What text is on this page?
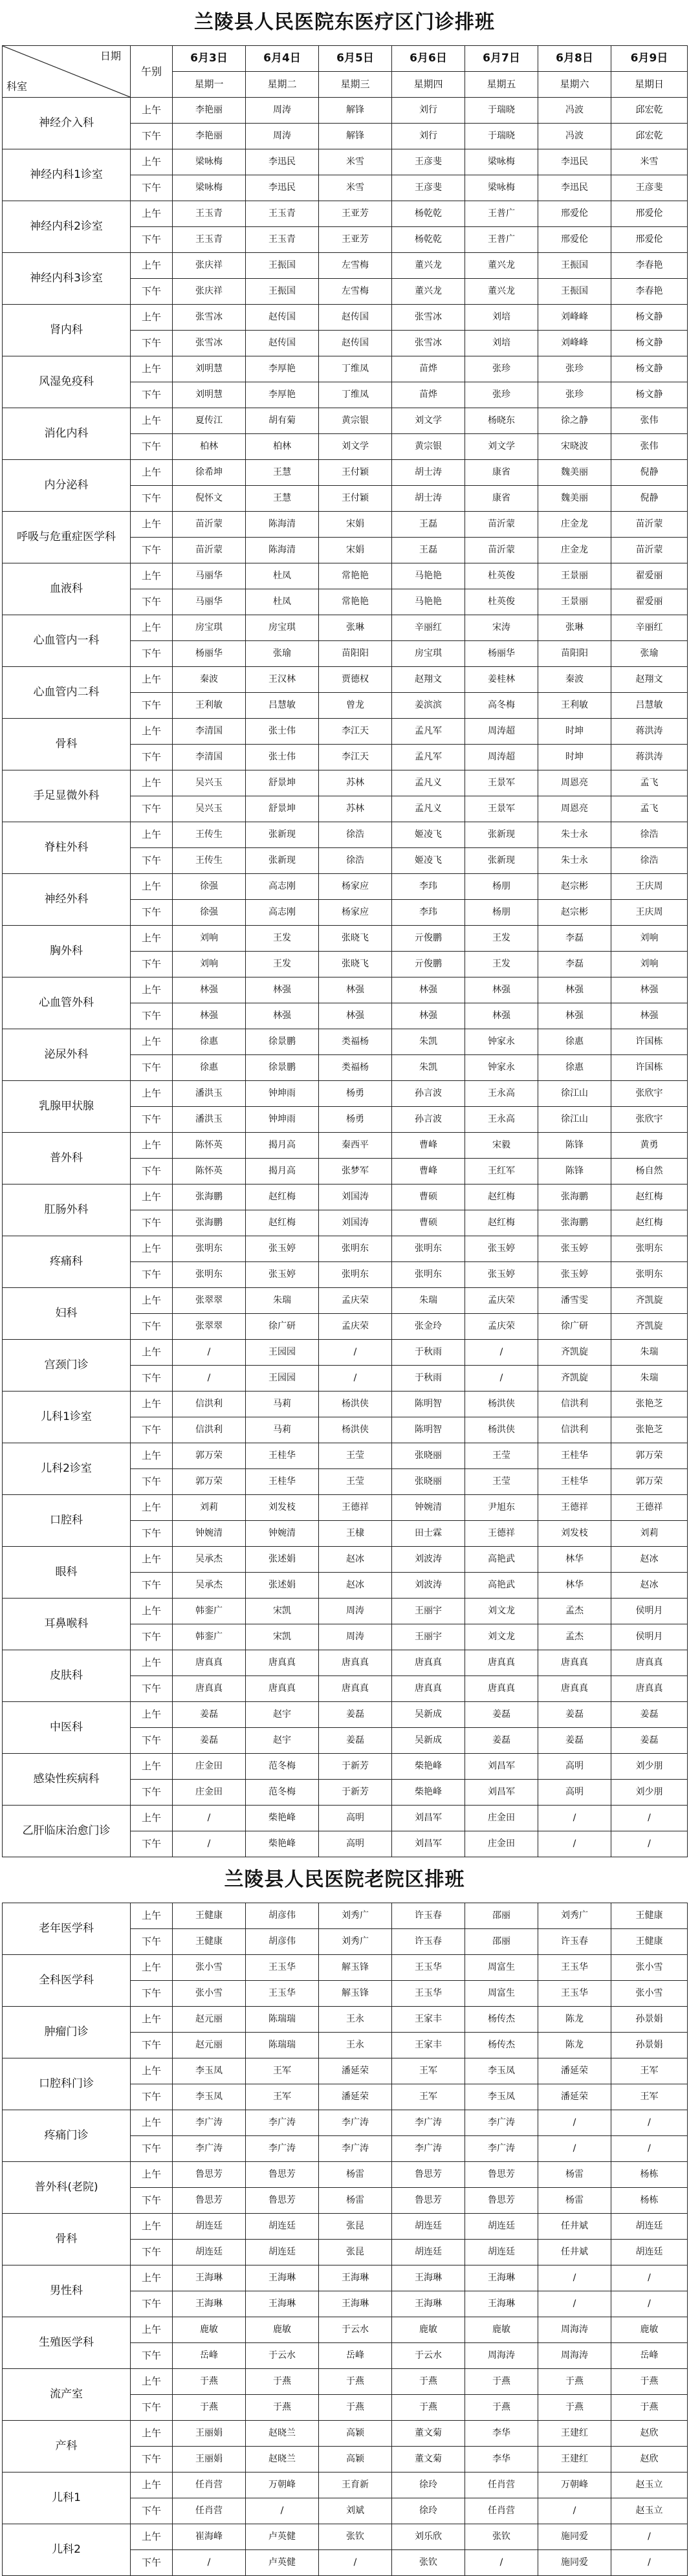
兰陵县人民医院东医疗区门诊排班
日期
科室	午别	6月3日	6月4日	6月5日	6月6日	6月7日	6月8日	6月9日
		星期一	星期二	星期三	星期四	星期五	星期六	星期日
神经介入科	上午	李艳丽	周涛	解锋	刘行	于瑞晓	冯波	邱宏乾
	下午	李艳丽	周涛	解锋	刘行	于瑞晓	冯波	邱宏乾
神经内科1诊室	上午	梁咏梅	李迅民	米雪	王彦斐	梁咏梅	李迅民	米雪
	下午	梁咏梅	李迅民	米雪	王彦斐	梁咏梅	李迅民	王彦斐
神经内科2诊室	上午	王玉青	王玉青	王亚芳	杨乾乾	王普广	邢爱伦	邢爱伦
	下午	王玉青	王玉青	王亚芳	杨乾乾	王普广	邢爱伦	邢爱伦
神经内科3诊室	上午	张庆祥	王振国	左雪梅	董兴龙	董兴龙	王振国	李春艳
	下午	张庆祥	王振国	左雪梅	董兴龙	董兴龙	王振国	李春艳
肾内科	上午	张雪冰	赵传国	赵传国	张雪冰	刘培	刘峰峰	杨文静
	下午	张雪冰	赵传国	赵传国	张雪冰	刘培	刘峰峰	杨文静
风湿免疫科	上午	刘明慧	李厚艳	丁维凤	苗烨	张珍	张珍	杨文静
	下午	刘明慧	李厚艳	丁维凤	苗烨	张珍	张珍	杨文静
消化内科	上午	夏传江	胡有菊	黄宗银	刘文学	杨晓东	徐之静	张伟
	下午	柏林	柏林	刘文学	黄宗银	刘文学	宋晓波	张伟
内分泌科	上午	徐希坤	王慧	王付颖	胡士涛	康省	魏美丽	倪静
	下午	倪怀文	王慧	王付颖	胡士涛	康省	魏美丽	倪静
呼吸与危重症医学科	上午	苗沂蒙	陈海清	宋娟	王磊	苗沂蒙	庄金龙	苗沂蒙
	下午	苗沂蒙	陈海清	宋娟	王磊	苗沂蒙	庄金龙	苗沂蒙
血液科	上午	马丽华	杜凤	常艳艳	马艳艳	杜英俊	王景丽	翟爱丽
	下午	马丽华	杜凤	常艳艳	马艳艳	杜英俊	王景丽	翟爱丽
心血管内一科	上午	房宝琪	房宝琪	张琳	辛丽红	宋涛	张琳	辛丽红
	下午	杨丽华	张瑜	苗阳阳	房宝琪	杨丽华	苗阳阳	张瑜
心血管内二科	上午	秦波	王汉林	贾德权	赵翔文	姜桂林	秦波	赵翔文
	下午	王利敏	吕慧敏	曾龙	姜滨滨	高冬梅	王利敏	吕慧敏
骨科	上午	李清国	张士伟	李江天	孟凡军	周涛超	时坤	蒋洪涛
	下午	李清国	张士伟	李江天	孟凡军	周涛超	时坤	蒋洪涛
手足显微外科	上午	吴兴玉	舒景坤	苏林	孟凡义	王景军	周恩亮	孟飞
	下午	吴兴玉	舒景坤	苏林	孟凡义	王景军	周恩亮	孟飞
脊柱外科	上午	王传生	张新现	徐浩	姬凌飞	张新现	朱士永	徐浩
	下午	王传生	张新现	徐浩	姬凌飞	张新现	朱士永	徐浩
神经外科	上午	徐强	高志刚	杨家应	李玮	杨朋	赵宗彬	王庆周
	下午	徐强	高志刚	杨家应	李玮	杨朋	赵宗彬	王庆周
胸外科	上午	刘响	王发	张晓飞	亓俊鹏	王发	李磊	刘响
	下午	刘响	王发	张晓飞	亓俊鹏	王发	李磊	刘响
心血管外科	上午	林强	林强	林强	林强	林强	林强	林强
	下午	林强	林强	林强	林强	林强	林强	林强
泌尿外科	上午	徐惠	徐景鹏	类福杨	朱凯	钟家永	徐惠	许国栋
	下午	徐惠	徐景鹏	类福杨	朱凯	钟家永	徐惠	许国栋
乳腺甲状腺	上午	潘洪玉	钟坤雨	杨勇	孙言波	王永高	徐江山	张欣宇
	下午	潘洪玉	钟坤雨	杨勇	孙言波	王永高	徐江山	张欣宇
普外科	上午	陈怀英	揭月高	秦西平	曹峰	宋毅	陈锋	黄勇
	下午	陈怀英	揭月高	张梦军	曹峰	王红军	陈锋	杨自然
肛肠外科	上午	张海鹏	赵红梅	刘国涛	曹硕	赵红梅	张海鹏	赵红梅
	下午	张海鹏	赵红梅	刘国涛	曹硕	赵红梅	张海鹏	赵红梅
疼痛科	上午	张明东	张玉婷	张明东	张明东	张玉婷	张玉婷	张明东
	下午	张明东	张玉婷	张明东	张明东	张玉婷	张玉婷	张明东
妇科	上午	张翠翠	朱瑞	孟庆荣	朱瑞	孟庆荣	潘雪雯	齐凯旋
	下午	张翠翠	徐广研	孟庆荣	张金玲	孟庆荣	徐广研	齐凯旋
宫颈门诊	上午	/	王园园	/	于秋雨	/	齐凯旋	朱瑞
	下午	/	王园园	/	于秋雨	/	齐凯旋	朱瑞
儿科1诊室	上午	信洪利	马莉	杨洪侠	陈明智	杨洪侠	信洪利	张艳芝
	下午	信洪利	马莉	杨洪侠	陈明智	杨洪侠	信洪利	张艳芝
儿科2诊室	上午	郭万荣	王桂华	王莹	张晓丽	王莹	王桂华	郭万荣
	下午	郭万荣	王桂华	王莹	张晓丽	王莹	王桂华	郭万荣
口腔科	上午	刘莉	刘发枝	王德祥	钟婉清	尹旭东	王德祥	王德祥
	下午	钟婉清	钟婉清	王棣	田士霖	王德祥	刘发枝	刘莉
眼科	上午	吴承杰	张述娟	赵冰	刘波涛	高艳武	林华	赵冰
	下午	吴承杰	张述娟	赵冰	刘波涛	高艳武	林华	赵冰
耳鼻喉科	上午	韩銮广	宋凯	周涛	王丽宇	刘文龙	孟杰	侯明月
	下午	韩銮广	宋凯	周涛	王丽宇	刘文龙	孟杰	侯明月
皮肤科	上午	唐真真	唐真真	唐真真	唐真真	唐真真	唐真真	唐真真
	下午	唐真真	唐真真	唐真真	唐真真	唐真真	唐真真	唐真真
中医科	上午	姜磊	赵宇	姜磊	吴新成	姜磊	姜磊	姜磊
	下午	姜磊	赵宇	姜磊	吴新成	姜磊	姜磊	姜磊
感染性疾病科	上午	庄金田	范冬梅	于新芳	柴艳峰	刘昌军	高明	刘少朋
	下午	庄金田	范冬梅	于新芳	柴艳峰	刘昌军	高明	刘少朋
乙肝临床治愈门诊	上午	/	柴艳峰	高明	刘昌军	庄金田	/	/
	下午	/	柴艳峰	高明	刘昌军	庄金田	/	/
兰陵县人民医院老院区排班
老年医学科	上午	王健康	胡彦伟	刘秀广	许玉春	邵丽	刘秀广	王健康
	下午	王健康	胡彦伟	刘秀广	许玉春	邵丽	许玉春	王健康
全科医学科	上午	张小雪	王玉华	解玉锋	王玉华	周富生	王玉华	张小雪
	下午	张小雪	王玉华	解玉锋	王玉华	周富生	王玉华	张小雪
肿瘤门诊	上午	赵元丽	陈瑞瑞	王永	王家丰	杨传杰	陈龙	孙景娟
	下午	赵元丽	陈瑞瑞	王永	王家丰	杨传杰	陈龙	孙景娟
口腔科门诊	上午	李玉凤	王军	潘延荣	王军	李玉凤	潘延荣	王军
	下午	李玉凤	王军	潘延荣	王军	李玉凤	潘延荣	王军
疼痛门诊	上午	李广涛	李广涛	李广涛	李广涛	李广涛	/	/
	下午	李广涛	李广涛	李广涛	李广涛	李广涛	/	/
普外科(老院)	上午	鲁思芳	鲁思芳	杨雷	鲁思芳	鲁思芳	杨雷	杨栋
	下午	鲁思芳	鲁思芳	杨雷	鲁思芳	鲁思芳	杨雷	杨栋
骨科	上午	胡连廷	胡连廷	张昆	胡连廷	胡连廷	任井斌	胡连廷
	下午	胡连廷	胡连廷	张昆	胡连廷	胡连廷	任井斌	胡连廷
男性科	上午	王海琳	王海琳	王海琳	王海琳	王海琳	/	/
	下午	王海琳	王海琳	王海琳	王海琳	王海琳	/	/
生殖医学科	上午	鹿敏	鹿敏	于云水	鹿敏	鹿敏	周海涛	鹿敏
	下午	岳峰	于云水	岳峰	于云水	周海涛	周海涛	岳峰
流产室	上午	于燕	于燕	于燕	于燕	于燕	于燕	于燕
	下午	于燕	于燕	于燕	于燕	于燕	于燕	于燕
产科	上午	王丽娟	赵晓兰	高颖	董文菊	李华	王建红	赵欣
	下午	王丽娟	赵晓兰	高颖	董文菊	李华	王建红	赵欣
儿科1	上午	任肖营	万朝峰	王育新	徐玲	任肖营	万朝峰	赵玉立
	下午	任肖营	/	刘斌	徐玲	任肖营	/	赵玉立
儿科2	上午	崔海峰	卢英健	张钦	刘乐欣	张钦	施同爱	/
	下午	/	卢英健	/	张钦	/	施同爱	/
